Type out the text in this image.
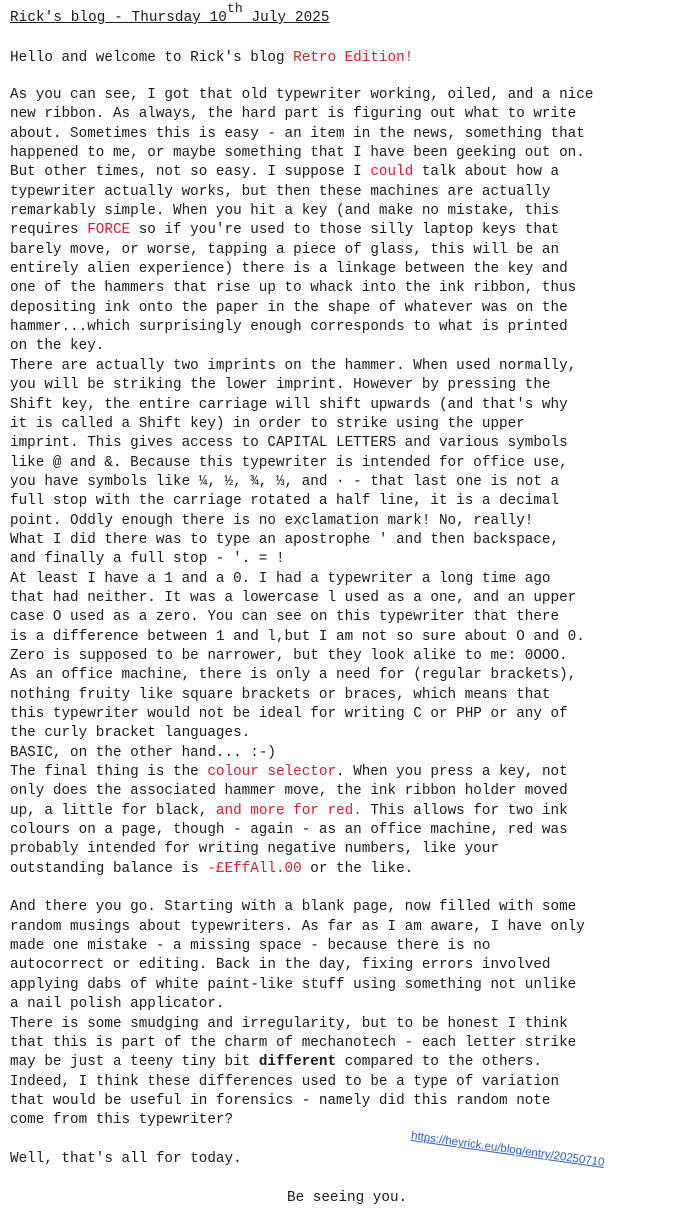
Rick's blog - Thursday 10th July 2025
Hello and welcome to Rick's blog Retro Edition!
As you can see, I got that old typewriter working, oiled, and a nice
new ribbon. As always, the hard part is figuring out what to write
about. Sometimes this is easy - an item in the news, something that
happened to me, or maybe something that I have been geeking out on.
But other times, not so easy. I suppose I could talk about how a
typewriter actually works, but then these machines are actually
remarkably simple. When you hit a key (and make no mistake, this
requires FORCE so if you're used to those silly laptop keys that
barely move, or worse, tapping a piece of glass, this will be an
entirely alien experience) there is a linkage between the key and
one of the hammers that rise up to whack into the ink ribbon, thus
depositing ink onto the paper in the shape of whatever was on the
hammer...which surprisingly enough corresponds to what is printed
on the key.
There are actually two imprints on the hammer. When used normally,
you will be striking the lower imprint. However by pressing the
Shift key, the entire carriage will shift upwards (and that's why
it is called a Shift key) in order to strike using the upper
imprint. This gives access to CAPITAL LETTERS and various symbols
like @ and &. Because this typewriter is intended for office use,
you have symbols like ¼, ½, ¾, ⅓, and · - that last one is not a
full stop with the carriage rotated a half line, it is a decimal
point. Oddly enough there is no exclamation mark! No, really!
What I did there was to type an apostrophe ' and then backspace,
and finally a full stop - '. = !
At least I have a 1 and a 0. I had a typewriter a long time ago
that had neither. It was a lowercase l used as a one, and an upper
case O used as a zero. You can see on this typewriter that there
is a difference between 1 and l,but I am not so sure about O and 0.
Zero is supposed to be narrower, but they look alike to me: 0OOO.
As an office machine, there is only a need for (regular brackets),
nothing fruity like square brackets or braces, which means that
this typewriter would not be ideal for writing C or PHP or any of
the curly bracket languages.
BASIC, on the other hand... :-)
The final thing is the colour selector. When you press a key, not
only does the associated hammer move, the ink ribbon holder moved
up, a little for black, and more for red. This allows for two ink
colours on a page, though - again - as an office machine, red was
probably intended for writing negative numbers, like your
outstanding balance is -£EffAll.00 or the like.
And there you go. Starting with a blank page, now filled with some
random musings about typewriters. As far as I am aware, I have only
made one mistake - a missing space - because there is no
autocorrect or editing. Back in the day, fixing errors involved
applying dabs of white paint-like stuff using something not unlike
a nail polish applicator.
There is some smudging and irregularity, but to be honest I think
that this is part of the charm of mechanotech - each letter strike
may be just a teeny tiny bit different compared to the others.
Indeed, I think these differences used to be a type of variation
that would be useful in forensics - namely did this random note
come from this typewriter?
Well, that's all for today.	https://heyrick.eu/blog/entry/20250710
Be seeing you.
